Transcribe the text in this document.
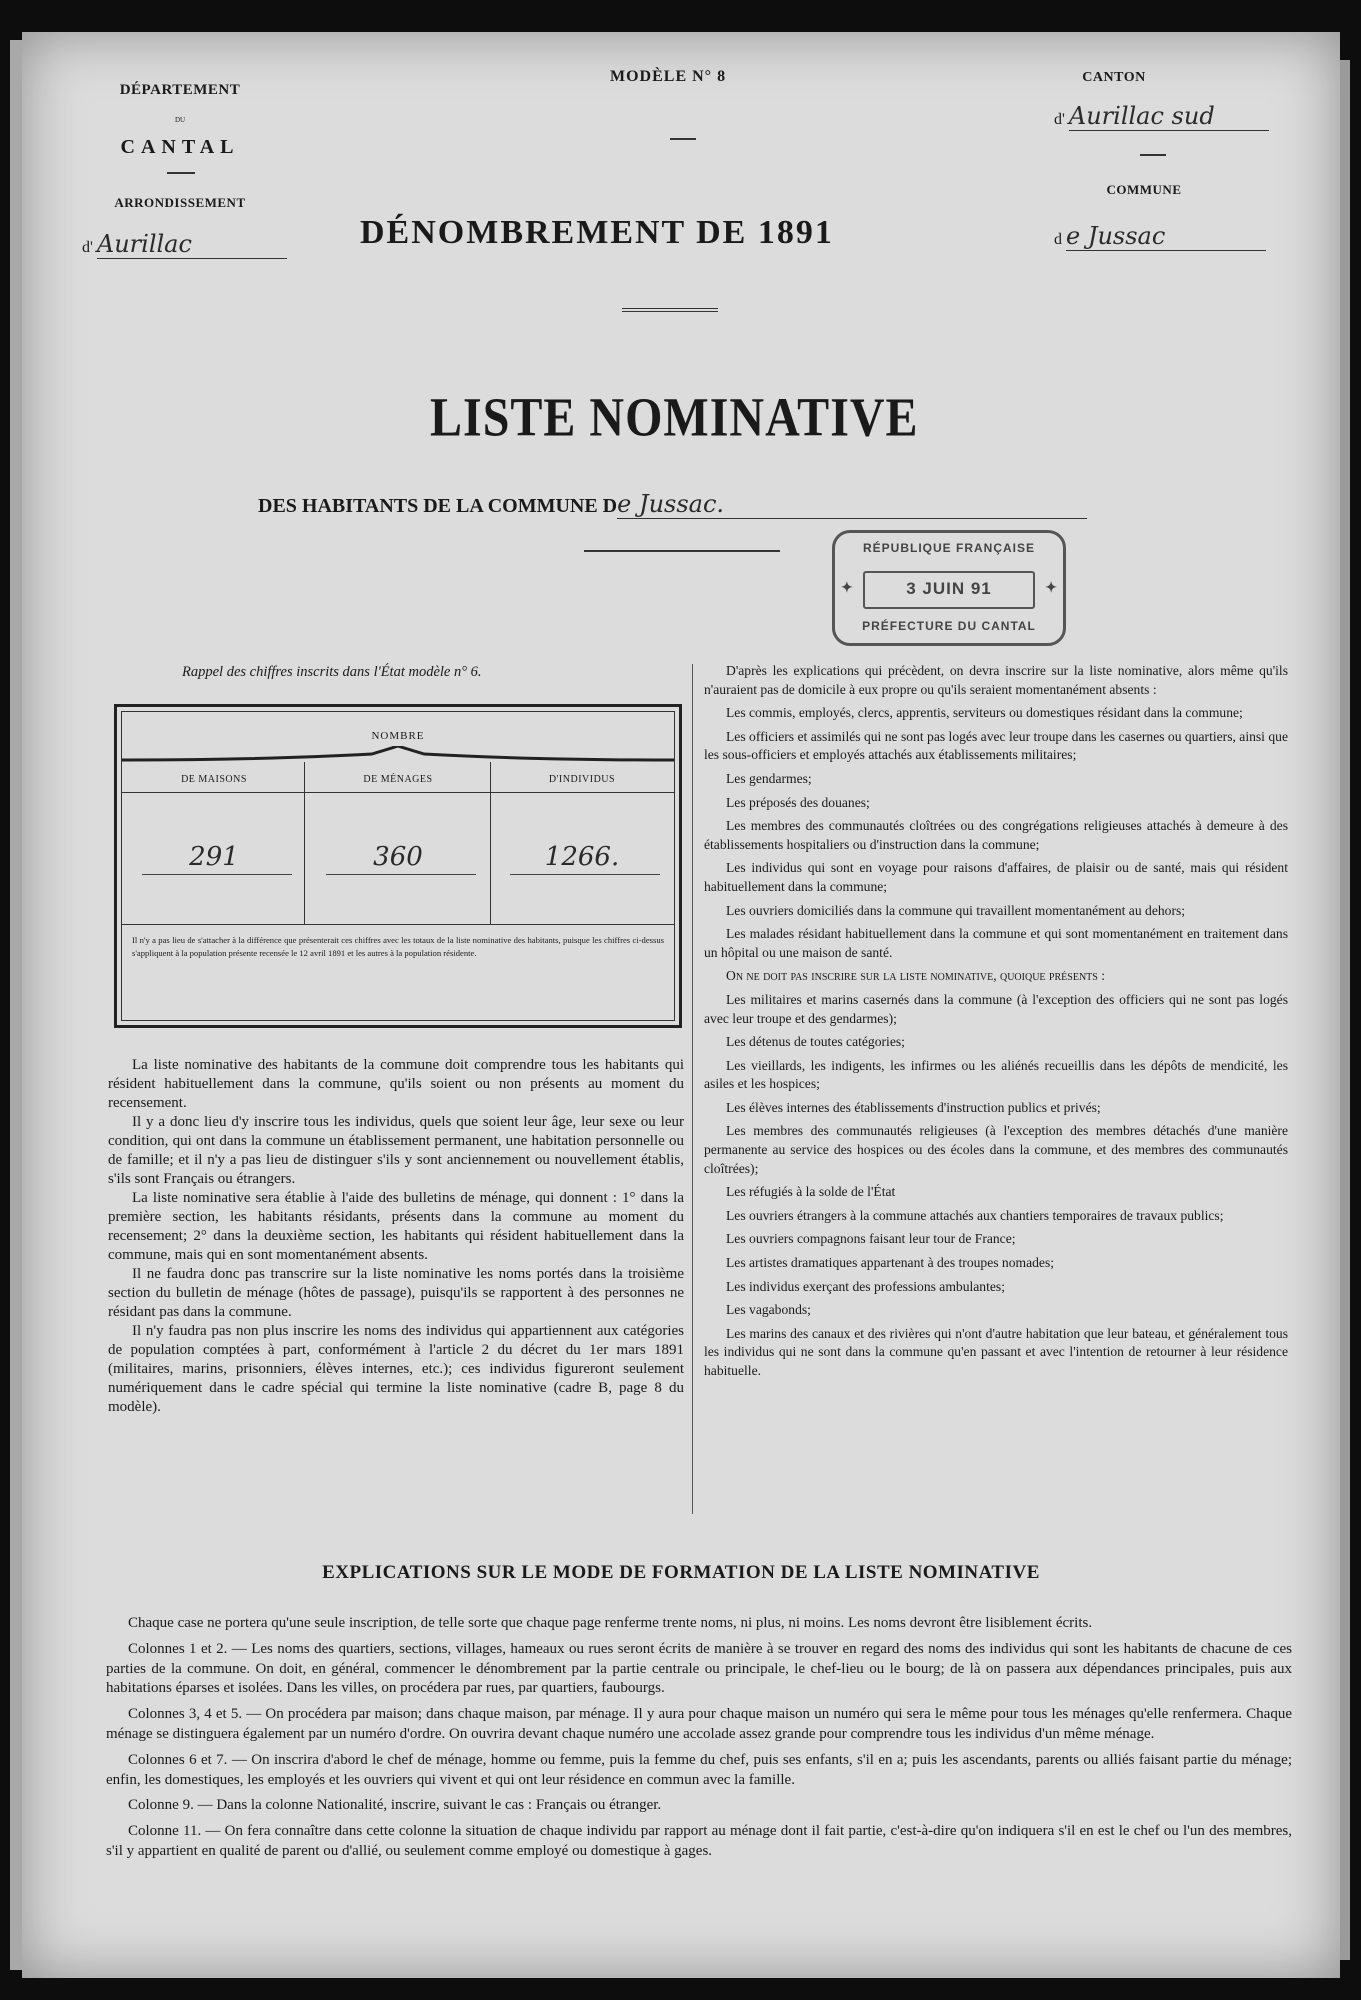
DÉPARTEMENT
DU
CANTAL
ARRONDISSEMENT
d' Aurillac
MODÈLE N° 8
DÉNOMBREMENT DE 1891
CANTON
d' Aurillac sud
COMMUNE
d e Jussac
LISTE NOMINATIVE
DES HABITANTS DE LA COMMUNE De Jussac.
RÉPUBLIQUE FRANÇAISE
3 JUIN 91
✦	✦
PRÉFECTURE DU CANTAL
Rappel des chiffres inscrits dans l'État modèle n° 6.
NOMBRE
DE MAISONS	DE MÉNAGES	D'INDIVIDUS
291	360	1266.
Il n'y a pas lieu de s'attacher à la différence que présenterait ces chiffres avec les totaux de la liste nominative des habitants, puisque les chiffres ci-dessus s'appliquent à la population présente recensée le 12 avril 1891 et les autres à la population résidente.

La liste nominative des habitants de la commune doit comprendre tous les habitants qui résident habituellement dans la commune, qu'ils soient ou non présents au moment du recensement.

Il y a donc lieu d'y inscrire tous les individus, quels que soient leur âge, leur sexe ou leur condition, qui ont dans la commune un établissement permanent, une habitation personnelle ou de famille; et il n'y a pas lieu de distinguer s'ils y sont anciennement ou nouvellement établis, s'ils sont Français ou étrangers.

La liste nominative sera établie à l'aide des bulletins de ménage, qui donnent : 1° dans la première section, les habitants résidants, présents dans la commune au moment du recensement; 2° dans la deuxième section, les habitants qui résident habituellement dans la commune, mais qui en sont momentanément absents.

Il ne faudra donc pas transcrire sur la liste nominative les noms portés dans la troisième section du bulletin de ménage (hôtes de passage), puisqu'ils se rapportent à des personnes ne résidant pas dans la commune.

Il n'y faudra pas non plus inscrire les noms des individus qui appartiennent aux catégories de population comptées à part, conformément à l'article 2 du décret du 1er mars 1891 (militaires, marins, prisonniers, élèves internes, etc.); ces individus figureront seulement numériquement dans le cadre spécial qui termine la liste nominative (cadre B, page 8 du modèle).

D'après les explications qui précèdent, on devra inscrire sur la liste nominative, alors même qu'ils n'auraient pas de domicile à eux propre ou qu'ils seraient momentanément absents :

Les commis, employés, clercs, apprentis, serviteurs ou domestiques résidant dans la commune;

Les officiers et assimilés qui ne sont pas logés avec leur troupe dans les casernes ou quartiers, ainsi que les sous-officiers et employés attachés aux établissements militaires;

Les gendarmes;

Les préposés des douanes;

Les membres des communautés cloîtrées ou des congrégations religieuses attachés à demeure à des établissements hospitaliers ou d'instruction dans la commune;

Les individus qui sont en voyage pour raisons d'affaires, de plaisir ou de santé, mais qui résident habituellement dans la commune;

Les ouvriers domiciliés dans la commune qui travaillent momentanément au dehors;

Les malades résidant habituellement dans la commune et qui sont momentanément en traitement dans un hôpital ou une maison de santé.

On ne doit pas inscrire sur la liste nominative, quoique présents :

Les militaires et marins casernés dans la commune (à l'exception des officiers qui ne sont pas logés avec leur troupe et des gendarmes);

Les détenus de toutes catégories;

Les vieillards, les indigents, les infirmes ou les aliénés recueillis dans les dépôts de mendicité, les asiles et les hospices;

Les élèves internes des établissements d'instruction publics et privés;

Les membres des communautés religieuses (à l'exception des membres détachés d'une manière permanente au service des hospices ou des écoles dans la commune, et des membres des communautés cloîtrées);

Les réfugiés à la solde de l'État

Les ouvriers étrangers à la commune attachés aux chantiers temporaires de travaux publics;

Les ouvriers compagnons faisant leur tour de France;

Les artistes dramatiques appartenant à des troupes nomades;

Les individus exerçant des professions ambulantes;

Les vagabonds;

Les marins des canaux et des rivières qui n'ont d'autre habitation que leur bateau, et généralement tous les individus qui ne sont dans la commune qu'en passant et avec l'intention de retourner à leur résidence habituelle.

EXPLICATIONS SUR LE MODE DE FORMATION DE LA LISTE NOMINATIVE

Chaque case ne portera qu'une seule inscription, de telle sorte que chaque page renferme trente noms, ni plus, ni moins. Les noms devront être lisiblement écrits.

Colonnes 1 et 2. — Les noms des quartiers, sections, villages, hameaux ou rues seront écrits de manière à se trouver en regard des noms des individus qui sont les habitants de chacune de ces parties de la commune. On doit, en général, commencer le dénombrement par la partie centrale ou principale, le chef-lieu ou le bourg; de là on passera aux dépendances principales, puis aux habitations éparses et isolées. Dans les villes, on procédera par rues, par quartiers, faubourgs.

Colonnes 3, 4 et 5. — On procédera par maison; dans chaque maison, par ménage. Il y aura pour chaque maison un numéro qui sera le même pour tous les ménages qu'elle renfermera. Chaque ménage se distinguera également par un numéro d'ordre. On ouvrira devant chaque numéro une accolade assez grande pour comprendre tous les individus d'un même ménage.

Colonnes 6 et 7. — On inscrira d'abord le chef de ménage, homme ou femme, puis la femme du chef, puis ses enfants, s'il en a; puis les ascendants, parents ou alliés faisant partie du ménage; enfin, les domestiques, les employés et les ouvriers qui vivent et qui ont leur résidence en commun avec la famille.

Colonne 9. — Dans la colonne Nationalité, inscrire, suivant le cas : Français ou étranger.

Colonne 11. — On fera connaître dans cette colonne la situation de chaque individu par rapport au ménage dont il fait partie, c'est-à-dire qu'on indiquera s'il en est le chef ou l'un des membres, s'il y appartient en qualité de parent ou d'allié, ou seulement comme employé ou domestique à gages.
